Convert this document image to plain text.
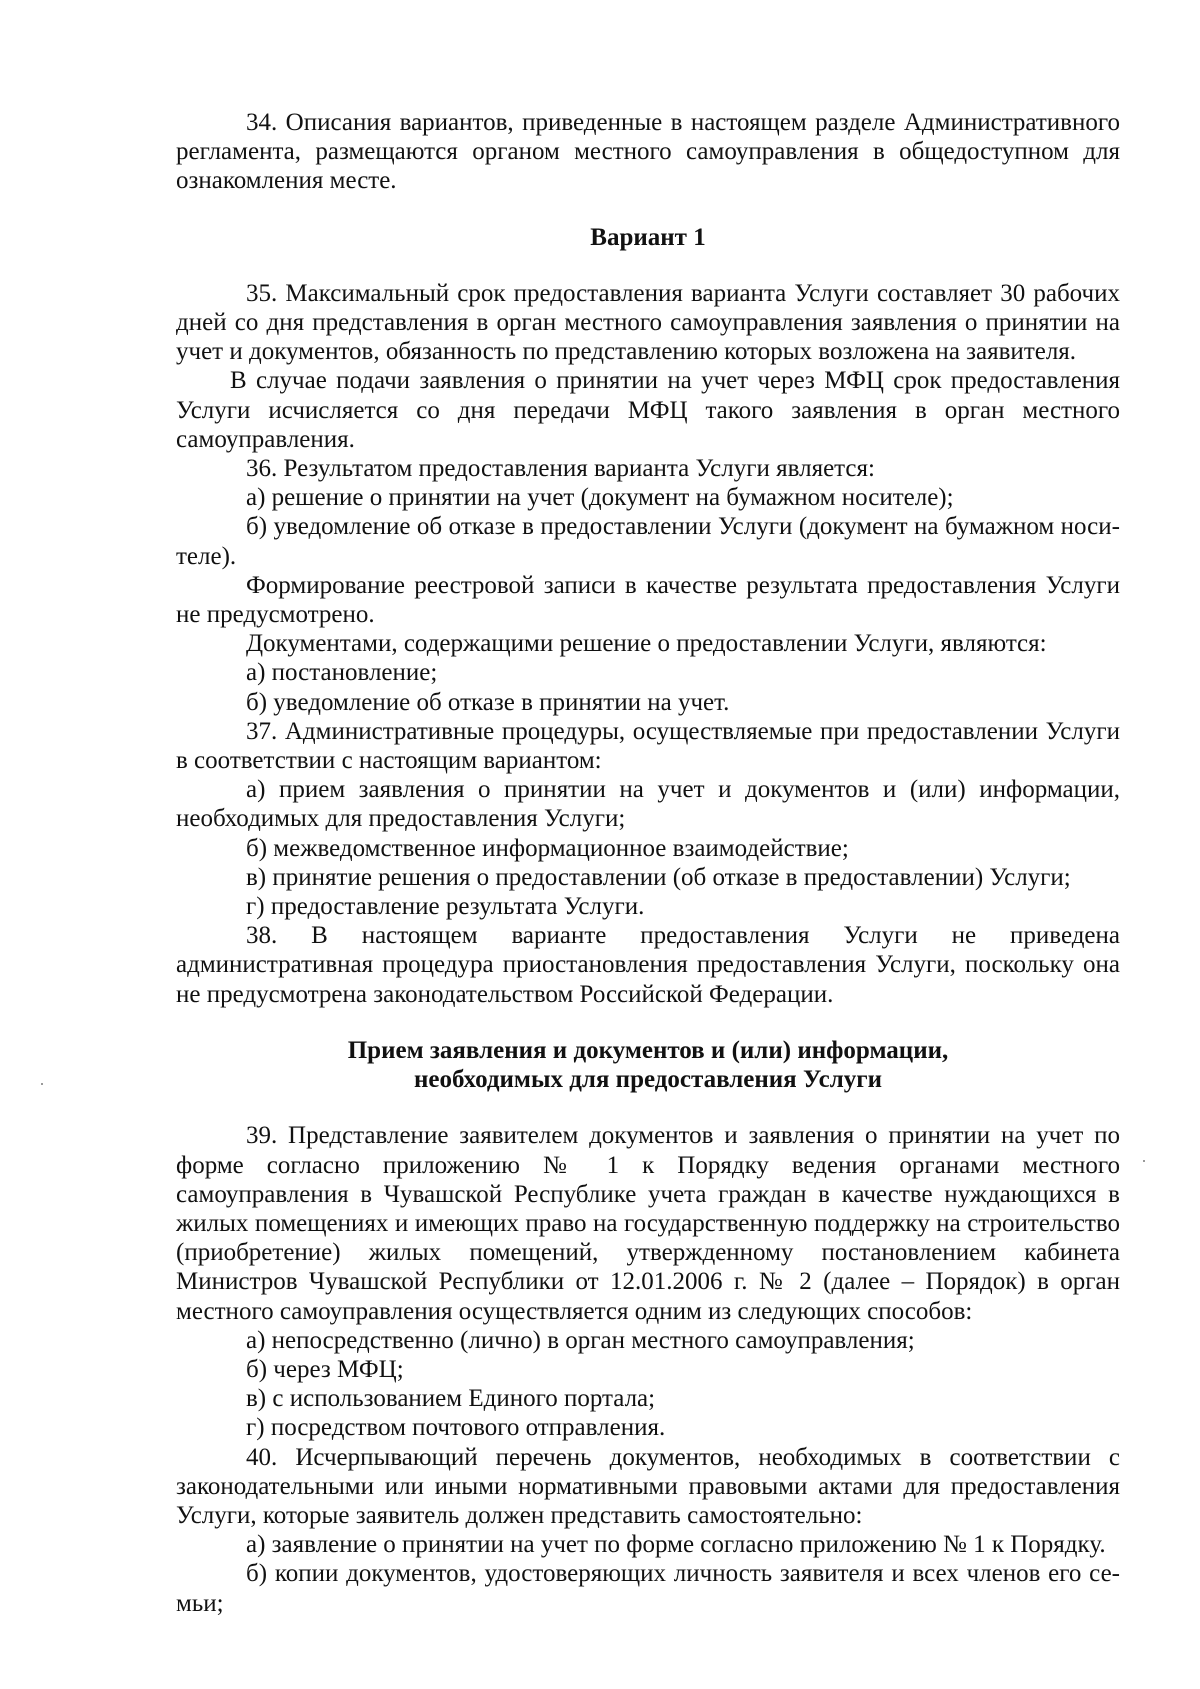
34. Описания вариантов, приведенные в настоящем разделе Административного регламента, размещаются органом местного самоуправления в общедоступном для ознакомления месте.

Вариант 1

35. Максимальный срок предоставления варианта Услуги составляет 30 рабочих дней со дня представления в орган местного самоуправления заявления о принятии на учет и документов, обязанность по представлению которых возложена на заявителя.

В случае подачи заявления о принятии на учет через МФЦ срок предоставления Услуги исчисляется со дня передачи МФЦ такого заявления в орган местного самоуправления.

36. Результатом предоставления варианта Услуги является:

а) решение о принятии на учет (документ на бумажном носителе);

б) уведомление об отказе в предоставлении Услуги (документ на бумажном носителе).

Формирование реестровой записи в качестве результата предоставления Услуги не предусмотрено.

Документами, содержащими решение о предоставлении Услуги, являются:

а) постановление;

б) уведомление об отказе в принятии на учет.

37. Административные процедуры, осуществляемые при предоставлении Услуги в соответствии с настоящим вариантом:

а) прием заявления о принятии на учет и документов и (или) информации, необходимых для предоставления Услуги;

б) межведомственное информационное взаимодействие;

в) принятие решения о предоставлении (об отказе в предоставлении) Услуги;

г) предоставление результата Услуги.

38. В настоящем варианте предоставления Услуги не приведена административная процедура приостановления предоставления Услуги, поскольку она не предусмотрена законодательством Российской Федерации.

Прием заявления и документов и (или) информации,

необходимых для предоставления Услуги

39. Представление заявителем документов и заявления о принятии на учет по форме согласно приложению № 1 к Порядку ведения органами местного самоуправления в Чувашской Республике учета граждан в качестве нуждающихся в жилых помещениях и имеющих право на государственную поддержку на строительство (приобретение) жилых помещений, утвержденному постановлением кабинета Министров Чувашской Республики от 12.01.2006 г. № 2 (далее – Порядок) в орган местного самоуправления осуществляется одним из следующих способов:

а) непосредственно (лично) в орган местного самоуправления;

б) через МФЦ;

в) с использованием Единого портала;

г) посредством почтового отправления.

40. Исчерпывающий перечень документов, необходимых в соответствии с законодательными или иными нормативными правовыми актами для предоставления Услуги, которые заявитель должен представить самостоятельно:

а) заявление о принятии на учет по форме согласно приложению № 1 к Порядку.

б) копии документов, удостоверяющих личность заявителя и всех членов его семьи;
